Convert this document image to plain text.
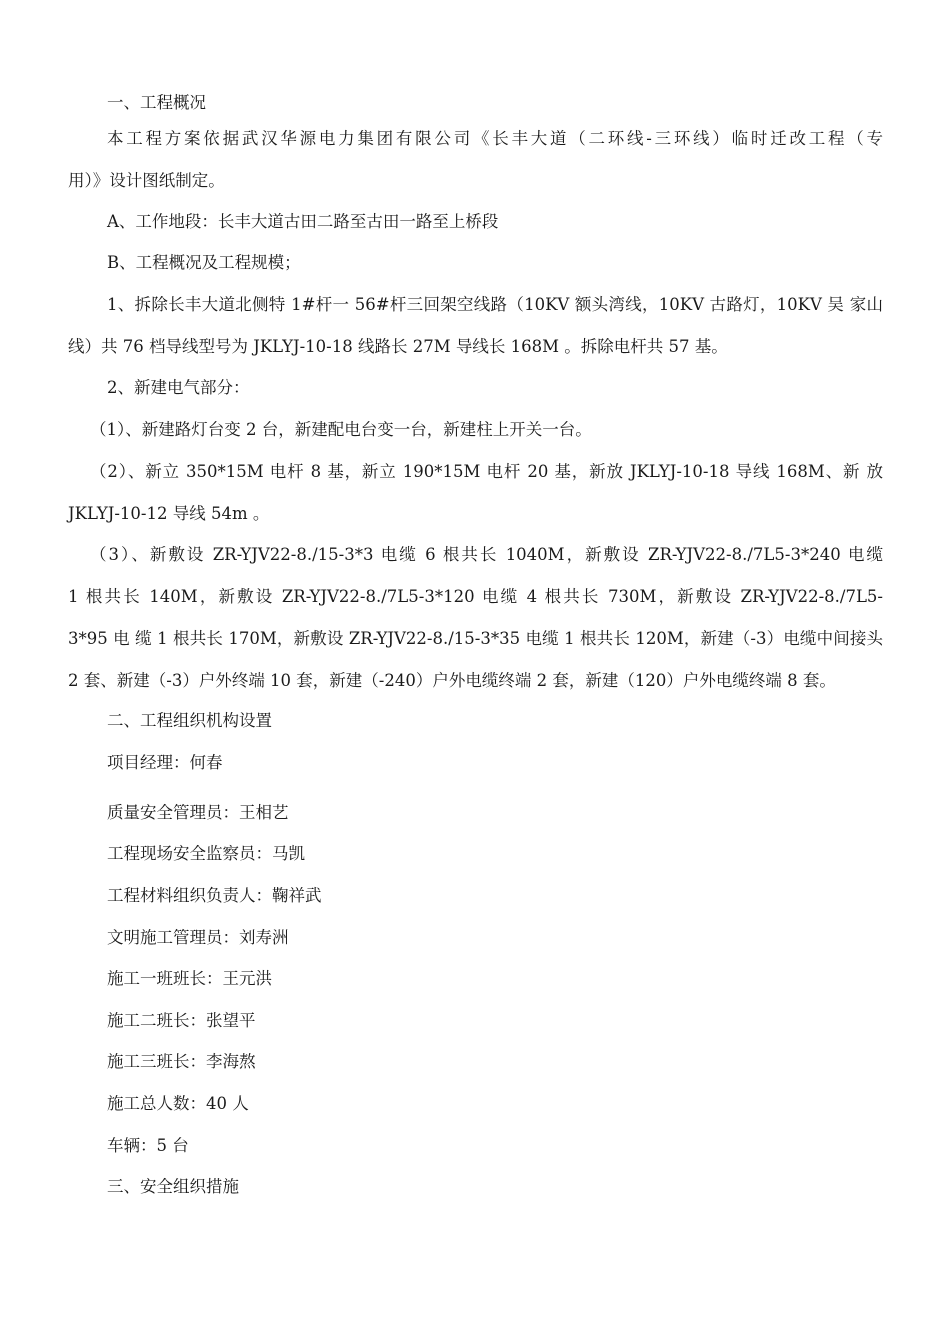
一、工程概况

本工程方案依据武汉华源电力集团有限公司《长丰大道（二环线-三环线）临时迁改工程（专

用）》设计图纸制定。

A、工作地段：长丰大道古田二路至古田一路至上桥段

B、工程概况及工程规模；

1、拆除长丰大道北侧特 1#杆一 56#杆三回架空线路（10KV 额头湾线，10KV 古路灯，10KV 吴 家山

线）共 76 档导线型号为 JKLYJ-10-18 线路长 27M 导线长 168M 。拆除电杆共 57 基。

2、新建电气部分：

（1）、新建路灯台变 2 台，新建配电台变一台，新建柱上开关一台。

（2）、新立 350*15M 电杆 8 基，新立 190*15M 电杆 20 基，新放 JKLYJ-10-18 导线 168M、新 放

JKLYJ-10-12 导线 54m 。

（3）、新敷设 ZR-YJV22-8./15-3*3 电缆 6 根共长 1040M，新敷设 ZR-YJV22-8./7L5-3*240 电缆

1 根共长 140M，新敷设 ZR-YJV22-8./7L5-3*120 电缆 4 根共长 730M，新敷设 ZR-YJV22-8./7L5-

3*95 电 缆 1 根共长 170M，新敷设 ZR-YJV22-8./15-3*35 电缆 1 根共长 120M，新建（-3）电缆中间接头

2 套、新建（-3）户外终端 10 套，新建（-240）户外电缆终端 2 套，新建（120）户外电缆终端 8 套。

二、工程组织机构设置

项目经理：何春

质量安全管理员：王相艺

工程现场安全监察员：马凯

工程材料组织负责人：鞠祥武

文明施工管理员：刘寿洲

施工一班班长：王元洪

施工二班长：张望平

施工三班长：李海熬

施工总人数：40 人

车辆：5 台

三、安全组织措施
